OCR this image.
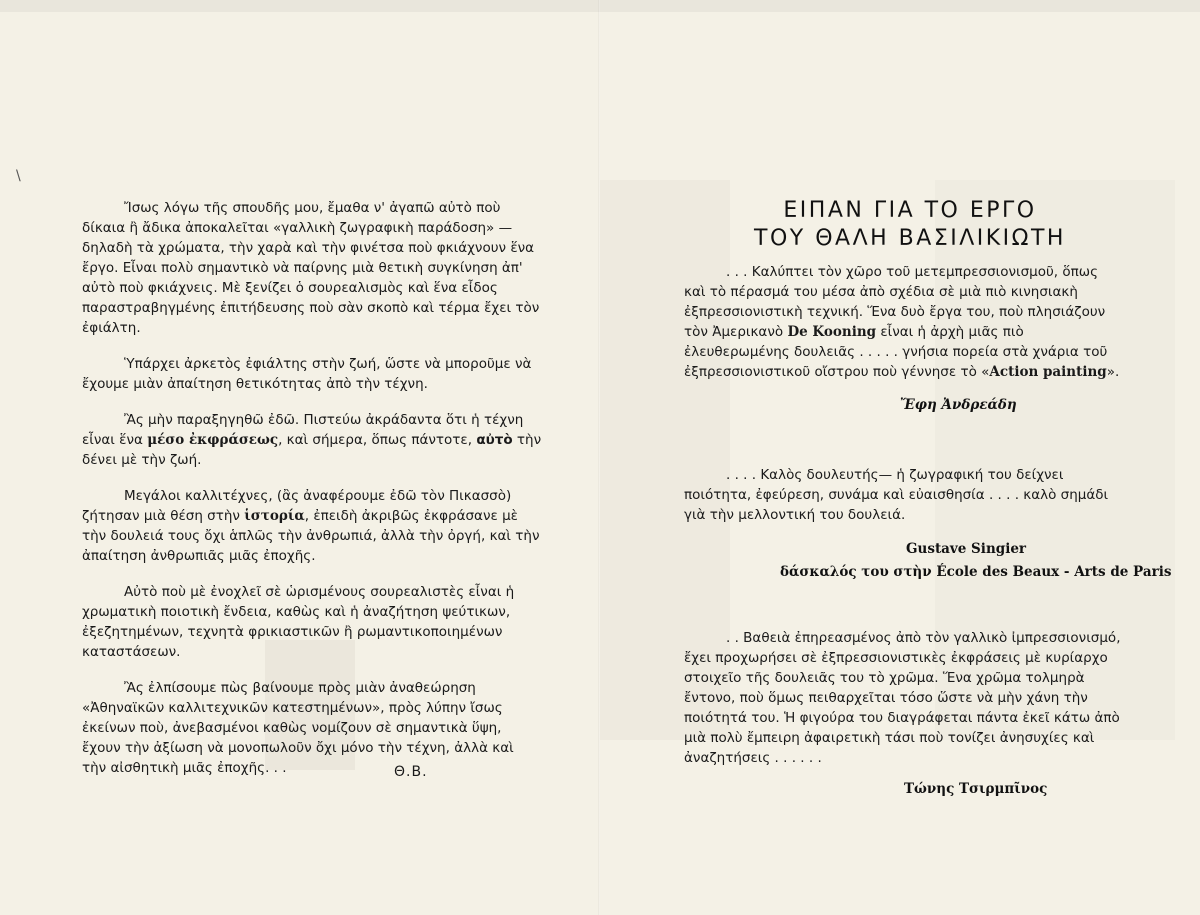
\

Ἴσως λόγω τῆς σπουδῆς μου, ἔμαθα ν' ἀγαπῶ αὐτὸ ποὺ δίκαια ἢ ἄδικα ἀποκαλεῖται «γαλλικὴ ζωγραφικὴ παράδοση» — δηλαδὴ τὰ χρώματα, τὴν χαρὰ καὶ τὴν φινέτσα ποὺ φκιάχνουν ἕνα ἔργο. Εἶναι πολὺ σημαντικὸ νὰ παίρνης μιὰ θετικὴ συγκίνηση ἀπ' αὐτὸ ποὺ φκιάχνεις. Μὲ ξενίζει ὁ σουρεαλισμὸς καὶ ἕνα εἶδος παραστραβηγμένης ἐπιτήδευσης ποὺ σὰν σκοπὸ καὶ τέρμα ἔχει τὸν ἐφιάλτη.

Ὑπάρχει ἀρκετὸς ἐφιάλτης στὴν ζωή, ὥστε νὰ μποροῦμε νὰ ἔχουμε μιὰν ἀπαίτηση θετικότητας ἀπὸ τὴν τέχνη.

Ἂς μὴν παραξηγηθῶ ἐδῶ. Πιστεύω ἀκράδαντα ὅτι ἡ τέχνη εἶναι ἕνα μέσο ἐκφράσεως, καὶ σήμερα, ὅπως πάντοτε, αὐτὸ τὴν δένει μὲ τὴν ζωή.

Μεγάλοι καλλιτέχνες, (ἂς ἀναφέρουμε ἐδῶ τὸν Πικασσὸ) ζήτησαν μιὰ θέση στὴν ἱστορία, ἐπειδὴ ἀκριβῶς ἐκφράσανε μὲ τὴν δουλειά τους ὄχι ἁπλῶς τὴν ἀνθρωπιά, ἀλλὰ τὴν ὀργή, καὶ τὴν ἀπαίτηση ἀνθρωπιᾶς μιᾶς ἐποχῆς.

Αὐτὸ ποὺ μὲ ἐνοχλεῖ σὲ ὡρισμένους σουρεαλιστὲς εἶναι ἡ χρωματικὴ ποιοτικὴ ἔνδεια, καθὼς καὶ ἡ ἀναζήτηση ψεύτικων, ἐξεζητημένων, τεχνητὰ φρικιαστικῶν ἢ ρωμαντικοποιημένων καταστάσεων.

Ἂς ἐλπίσουμε πὼς βαίνουμε πρὸς μιὰν ἀναθεώρηση «Ἀθηναϊκῶν καλλιτεχνικῶν κατεστημένων», πρὸς λύπην ἴσως ἐκείνων ποὺ, ἀνεβασμένοι καθὼς νομίζουν σὲ σημαντικὰ ὕψη, ἔχουν τὴν ἀξίωση νὰ μονοπωλοῦν ὄχι μόνο τὴν τέχνη, ἀλλὰ καὶ τὴν αἰσθητικὴ μιᾶς ἐποχῆς. . .	Θ.Β.
ΕΙΠΑΝ ΓΙΑ ΤΟ ΕΡΓΟ
ΤΟΥ ΘΑΛΗ ΒΑΣΙΛΙΚΙΩΤΗ

. . . Καλύπτει τὸν χῶρο τοῦ μετεμπρεσσιονισμοῦ, ὅπως καὶ τὸ πέρασμά του μέσα ἀπὸ σχέδια σὲ μιὰ πιὸ κινησιακὴ ἐξπρεσσιονιστικὴ τεχνική. Ἕνα δυὸ ἔργα του, ποὺ πλησιάζουν τὸν Ἀμερικανὸ De Kooning εἶναι ἡ ἀρχὴ μιᾶς πιὸ ἐλευθερωμένης δουλειᾶς . . . . . γνήσια πορεία στὰ χνάρια τοῦ ἐξπρεσσιονιστικοῦ οἴστρου ποὺ γέννησε τὸ «Action painting».

Ἔφη Ἀνδρεάδη

. . . . Καλὸς δουλευτής— ἡ ζωγραφική του δείχνει ποιότητα, ἐφεύρεση, συνάμα καὶ εὐαισθησία . . . . καλὸ σημάδι γιὰ τὴν μελλοντική του δουλειά.

Gustave Singier
δάσκαλός του στὴν École des Beaux - Arts de Paris

. . Βαθειὰ ἐπηρεασμένος ἀπὸ τὸν γαλλικὸ ἰμπρεσσιονισμό, ἔχει προχωρήσει σὲ ἐξπρεσσιονιστικὲς ἐκφράσεις μὲ κυρίαρχο στοιχεῖο τῆς δουλειᾶς του τὸ χρῶμα. Ἕνα χρῶμα τολμηρὰ ἔντονο, ποὺ ὅμως πειθαρχεῖται τόσο ὥστε νὰ μὴν χάνη τὴν ποιότητά του. Ἡ φιγούρα του διαγράφεται πάντα ἐκεῖ κάτω ἀπὸ μιὰ πολὺ ἔμπειρη ἀφαιρετικὴ τάσι ποὺ τονίζει ἀνησυχίες καὶ ἀναζητήσεις . . . . . .

Τώνης Τσιρμπῖνος
